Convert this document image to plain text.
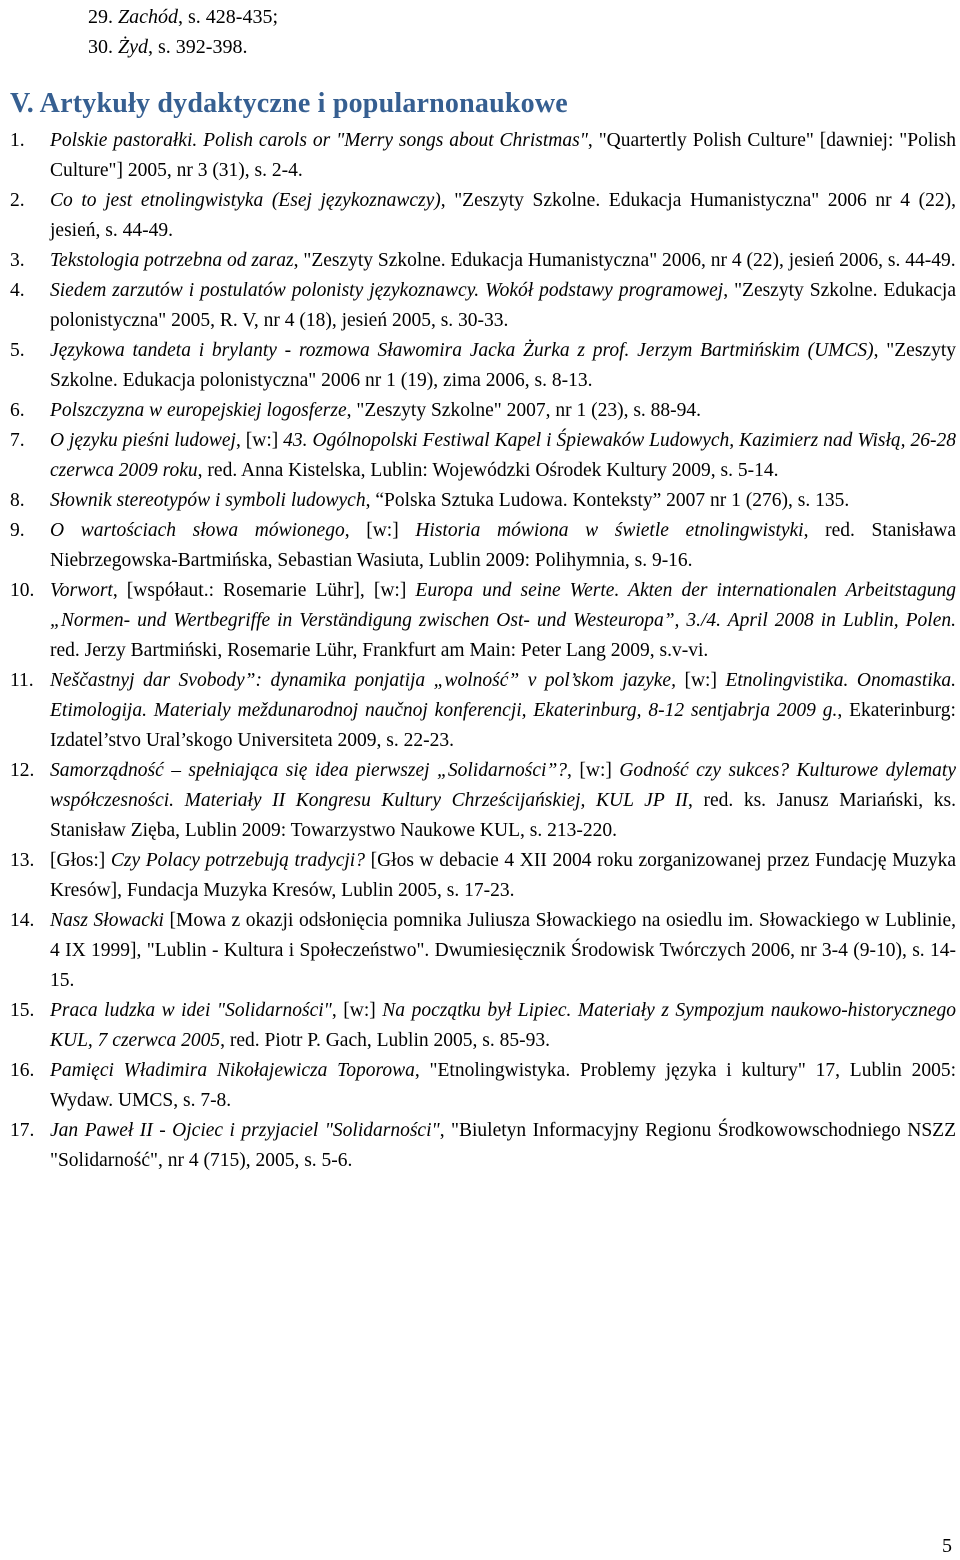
29. Zachód, s. 428-435;
30. Żyd, s. 392-398.
V. Artykuły dydaktyczne i popularnonaukowe
1. Polskie pastorałki. Polish carols or "Merry songs about Christmas", "Quartertly Polish Culture" [dawniej: "Polish Culture"] 2005, nr 3 (31), s. 2-4.
2. Co to jest etnolingwistyka (Esej językoznawczy), "Zeszyty Szkolne. Edukacja Humanistyczna" 2006 nr 4 (22), jesień, s. 44-49.
3. Tekstologia potrzebna od zaraz, "Zeszyty Szkolne. Edukacja Humanistyczna" 2006, nr 4 (22), jesień 2006, s. 44-49.
4. Siedem zarzutów i postulatów polonisty językoznawcy. Wokół podstawy programowej, "Zeszyty Szkolne. Edukacja polonistyczna" 2005, R. V, nr 4 (18), jesień 2005, s. 30-33.
5. Językowa tandeta i brylanty - rozmowa Sławomira Jacka Żurka z prof. Jerzym Bartmińskim (UMCS), "Zeszyty Szkolne. Edukacja polonistyczna" 2006 nr 1 (19), zima 2006, s. 8-13.
6. Polszczyzna w europejskiej logosferze, "Zeszyty Szkolne" 2007, nr 1 (23), s. 88-94.
7. O języku pieśni ludowej, [w:] 43. Ogólnopolski Festiwal Kapel i Śpiewaków Ludowych, Kazimierz nad Wisłą, 26-28 czerwca 2009 roku, red. Anna Kistelska, Lublin: Wojewódzki Ośrodek Kultury 2009, s. 5-14.
8. Słownik stereotypów i symboli ludowych, “Polska Sztuka Ludowa. Konteksty” 2007 nr 1 (276), s. 135.
9. O wartościach słowa mówionego, [w:] Historia mówiona w świetle etnolingwistyki, red. Stanisława Niebrzegowska-Bartmińska, Sebastian Wasiuta, Lublin 2009: Polihymnia, s. 9-16.
10. Vorwort, [współaut.: Rosemarie Lühr], [w:] Europa und seine Werte. Akten der internationalen Arbeitstagung „Normen- und Wertbegriffe in Verständigung zwischen Ost- und Westeuropa”, 3./4. April 2008 in Lublin, Polen. red. Jerzy Bartmiński, Rosemarie Lühr, Frankfurt am Main: Peter Lang 2009, s.v-vi.
11. Neščastnyj dar Svobody”: dynamika ponjatija „wolność” v pol’skom jazyke, [w:] Etnolingvistika. Onomastika. Etimologija. Materialy meždunarodnoj naučnoj konferencji, Ekaterinburg, 8-12 sentjabrja 2009 g., Ekaterinburg: Izdatel’stvo Ural’skogo Universiteta 2009, s. 22-23.
12. Samorządność – spełniająca się idea pierwszej „Solidarności”?, [w:] Godność czy sukces? Kulturowe dylematy współczesności. Materiały II Kongresu Kultury Chrześcijańskiej, KUL JP II, red. ks. Janusz Mariański, ks. Stanisław Zięba, Lublin 2009: Towarzystwo Naukowe KUL, s. 213-220.
13. [Głos:] Czy Polacy potrzebują tradycji? [Głos w debacie 4 XII 2004 roku zorganizowanej przez Fundację Muzyka Kresów], Fundacja Muzyka Kresów, Lublin 2005, s. 17-23.
14. Nasz Słowacki [Mowa z okazji odsłonięcia pomnika Juliusza Słowackiego na osiedlu im. Słowackiego w Lublinie, 4 IX 1999], "Lublin - Kultura i Społeczeństwo". Dwumiesięcznik Środowisk Twórczych 2006, nr 3-4 (9-10), s. 14-15.
15. Praca ludzka w idei "Solidarności", [w:] Na początku był Lipiec. Materiały z Sympozjum naukowo-historycznego KUL, 7 czerwca 2005, red. Piotr P. Gach, Lublin 2005, s. 85-93.
16. Pamięci Władimira Nikołajewicza Toporowa, "Etnolingwistyka. Problemy języka i kultury" 17, Lublin 2005: Wydaw. UMCS, s. 7-8.
17. Jan Paweł II - Ojciec i przyjaciel "Solidarności", "Biuletyn Informacyjny Regionu Środkowowschodniego NSZZ "Solidarność", nr 4 (715), 2005, s. 5-6.
5
